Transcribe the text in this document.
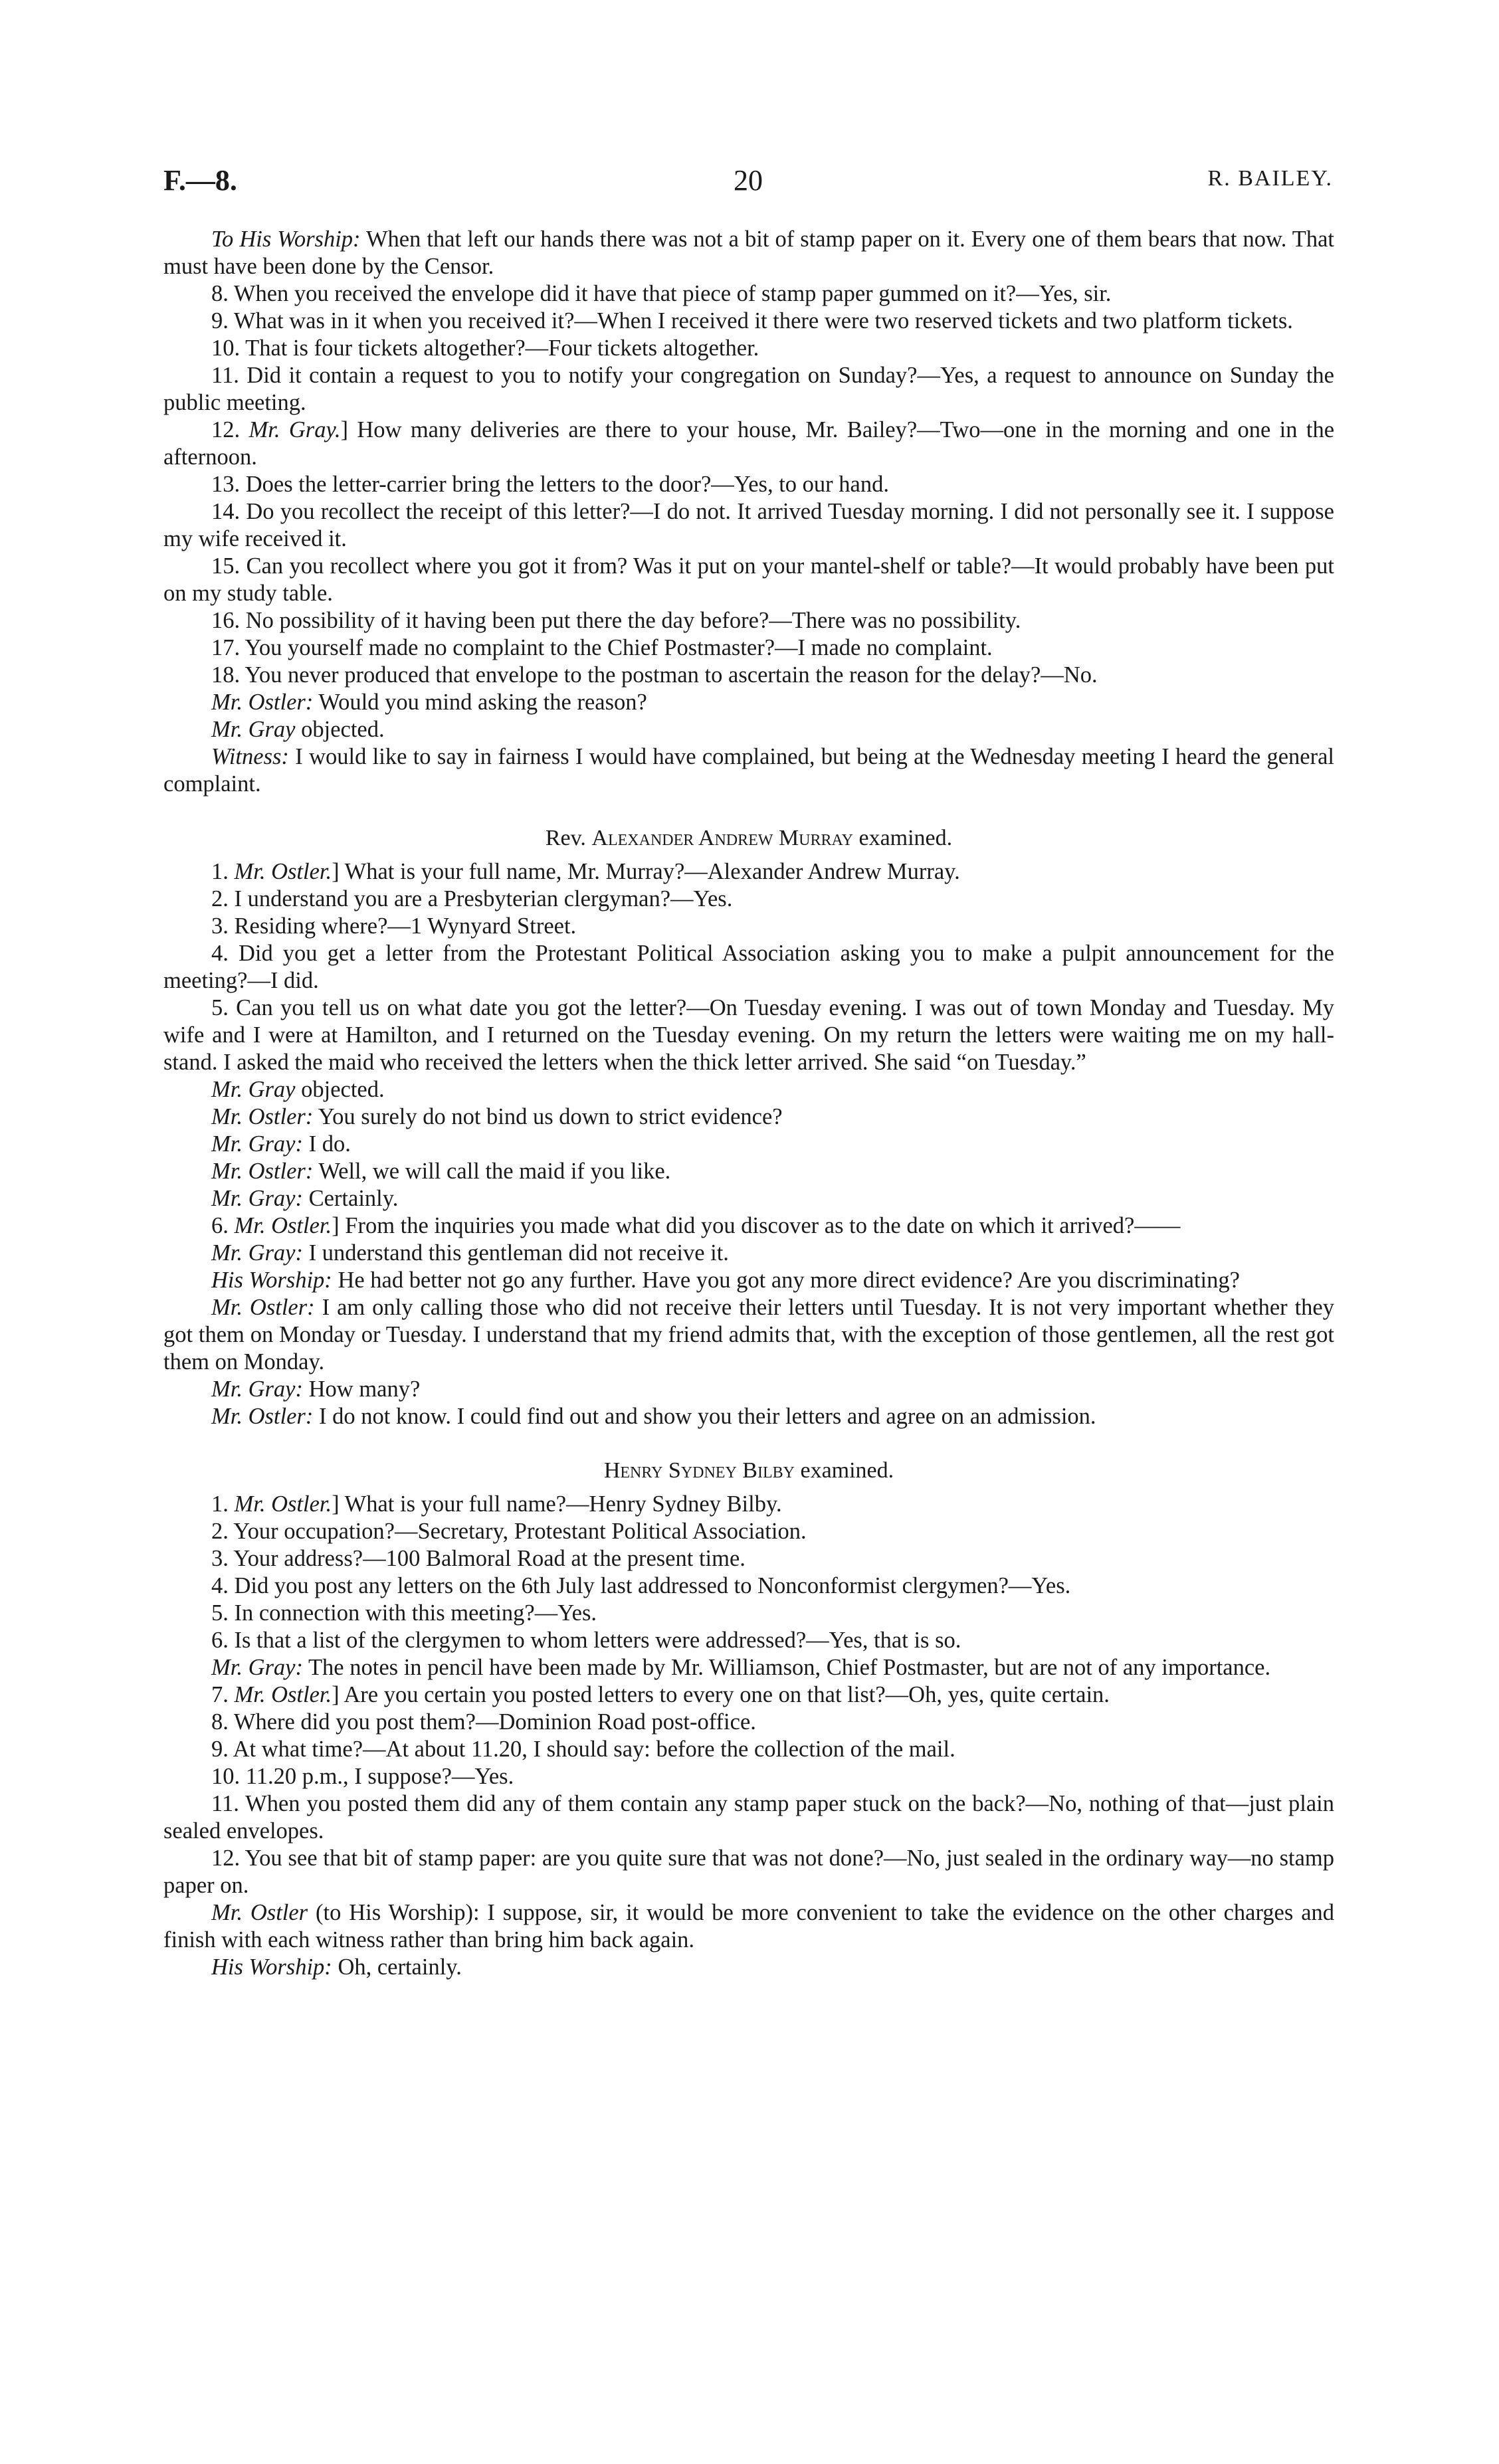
F.—8.	20	R. BAILEY.

To His Worship: When that left our hands there was not a bit of stamp paper on it. Every one of them bears that now. That must have been done by the Censor.

8. When you received the envelope did it have that piece of stamp paper gummed on it?—Yes, sir.

9. What was in it when you received it?—When I received it there were two reserved tickets and two platform tickets.

10. That is four tickets altogether?—Four tickets altogether.

11. Did it contain a request to you to notify your congregation on Sunday?—Yes, a request to announce on Sunday the public meeting.

12. Mr. Gray.] How many deliveries are there to your house, Mr. Bailey?—Two—one in the morning and one in the afternoon.

13. Does the letter-carrier bring the letters to the door?—Yes, to our hand.

14. Do you recollect the receipt of this letter?—I do not. It arrived Tuesday morning. I did not personally see it. I suppose my wife received it.

15. Can you recollect where you got it from? Was it put on your mantel-shelf or table?—It would probably have been put on my study table.

16. No possibility of it having been put there the day before?—There was no possibility.

17. You yourself made no complaint to the Chief Postmaster?—I made no complaint.

18. You never produced that envelope to the postman to ascertain the reason for the delay?—No.

Mr. Ostler: Would you mind asking the reason?

Mr. Gray objected.

Witness: I would like to say in fairness I would have complained, but being at the Wednesday meeting I heard the general complaint.

Rev. Alexander Andrew Murray examined.

1. Mr. Ostler.] What is your full name, Mr. Murray?—Alexander Andrew Murray.

2. I understand you are a Presbyterian clergyman?—Yes.

3. Residing where?—1 Wynyard Street.

4. Did you get a letter from the Protestant Political Association asking you to make a pulpit announcement for the meeting?—I did.

5. Can you tell us on what date you got the letter?—On Tuesday evening. I was out of town Monday and Tuesday. My wife and I were at Hamilton, and I returned on the Tuesday evening. On my return the letters were waiting me on my hall-stand. I asked the maid who received the letters when the thick letter arrived. She said “on Tuesday.”

Mr. Gray objected.

Mr. Ostler: You surely do not bind us down to strict evidence?

Mr. Gray: I do.

Mr. Ostler: Well, we will call the maid if you like.

Mr. Gray: Certainly.

6. Mr. Ostler.] From the inquiries you made what did you discover as to the date on which it arrived?——

Mr. Gray: I understand this gentleman did not receive it.

His Worship: He had better not go any further. Have you got any more direct evidence? Are you discriminating?

Mr. Ostler: I am only calling those who did not receive their letters until Tuesday. It is not very important whether they got them on Monday or Tuesday. I understand that my friend admits that, with the exception of those gentlemen, all the rest got them on Monday.

Mr. Gray: How many?

Mr. Ostler: I do not know. I could find out and show you their letters and agree on an admission.

Henry Sydney Bilby examined.

1. Mr. Ostler.] What is your full name?—Henry Sydney Bilby.

2. Your occupation?—Secretary, Protestant Political Association.

3. Your address?—100 Balmoral Road at the present time.

4. Did you post any letters on the 6th July last addressed to Nonconformist clergymen?—Yes.

5. In connection with this meeting?—Yes.

6. Is that a list of the clergymen to whom letters were addressed?—Yes, that is so.

Mr. Gray: The notes in pencil have been made by Mr. Williamson, Chief Postmaster, but are not of any importance.

7. Mr. Ostler.] Are you certain you posted letters to every one on that list?—Oh, yes, quite certain.

8. Where did you post them?—Dominion Road post-office.

9. At what time?—At about 11.20, I should say: before the collection of the mail.

10. 11.20 p.m., I suppose?—Yes.

11. When you posted them did any of them contain any stamp paper stuck on the back?—No, nothing of that—just plain sealed envelopes.

12. You see that bit of stamp paper: are you quite sure that was not done?—No, just sealed in the ordinary way—no stamp paper on.

Mr. Ostler (to His Worship): I suppose, sir, it would be more convenient to take the evidence on the other charges and finish with each witness rather than bring him back again.

His Worship: Oh, certainly.
